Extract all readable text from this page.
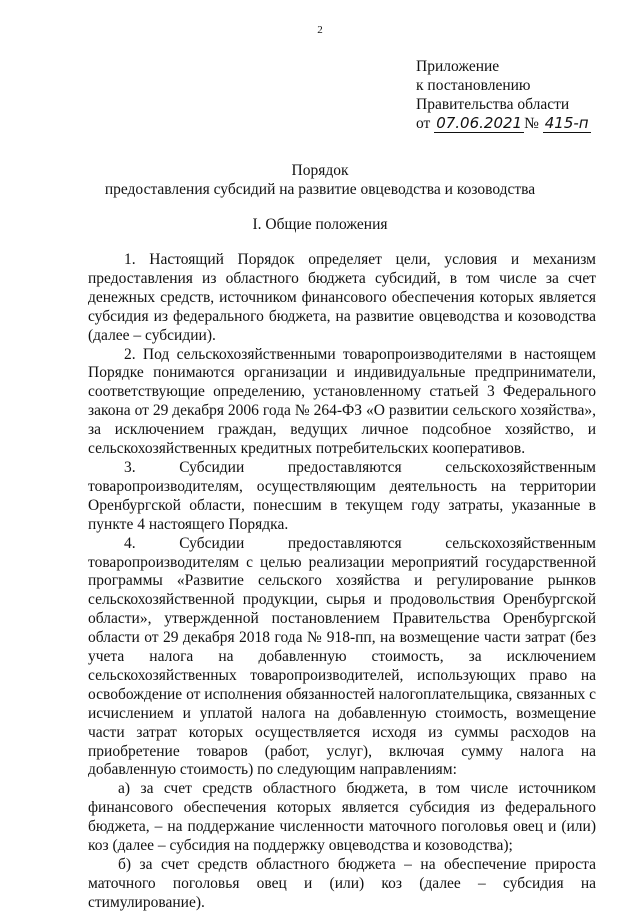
2
Приложение
к постановлению
Правительства области
от 07.06.2021 № 415-п
Порядок
предоставления субсидий на развитие овцеводства и козоводства
I. Общие положения

1. Настоящий Порядок определяет цели, условия и механизм предоставления из областного бюджета субсидий, в том числе за счет денежных средств, источником финансового обеспечения которых является субсидия из федерального бюджета, на развитие овцеводства и козоводства (далее – субсидии).

2. Под сельскохозяйственными товаропроизводителями в настоящем Порядке понимаются организации и индивидуальные предприниматели, соответствующие определению, установленному статьей 3 Федерального закона от 29 декабря 2006 года № 264-ФЗ «О развитии сельского хозяйства», за исключением граждан, ведущих личное подсобное хозяйство, и сельскохозяйственных кредитных потребительских кооперативов.

3. Субсидии предоставляются сельскохозяйственным товаропроизводителям, осуществляющим деятельность на территории Оренбургской области, понесшим в текущем году затраты, указанные в пункте 4 настоящего Порядка.

4. Субсидии предоставляются сельскохозяйственным товаропроизводителям с целью реализации мероприятий государственной программы «Развитие сельского хозяйства и регулирование рынков сельскохозяйственной продукции, сырья и продовольствия Оренбургской области», утвержденной постановлением Правительства Оренбургской области от 29 декабря 2018 года № 918-пп, на возмещение части затрат (без учета налога на добавленную стоимость, за исключением сельскохозяйственных товаропроизводителей, использующих право на освобождение от исполнения обязанностей налогоплательщика, связанных с исчислением и уплатой налога на добавленную стоимость, возмещение части затрат которых осуществляется исходя из суммы расходов на приобретение товаров (работ, услуг), включая сумму налога на добавленную стоимость) по следующим направлениям:

а) за счет средств областного бюджета, в том числе источником финансового обеспечения которых является субсидия из федерального бюджета, – на поддержание численности маточного поголовья овец и (или) коз (далее – субсидия на поддержку овцеводства и козоводства);

б) за счет средств областного бюджета – на обеспечение прироста маточного поголовья овец и (или) коз (далее – субсидия на стимулирование).
